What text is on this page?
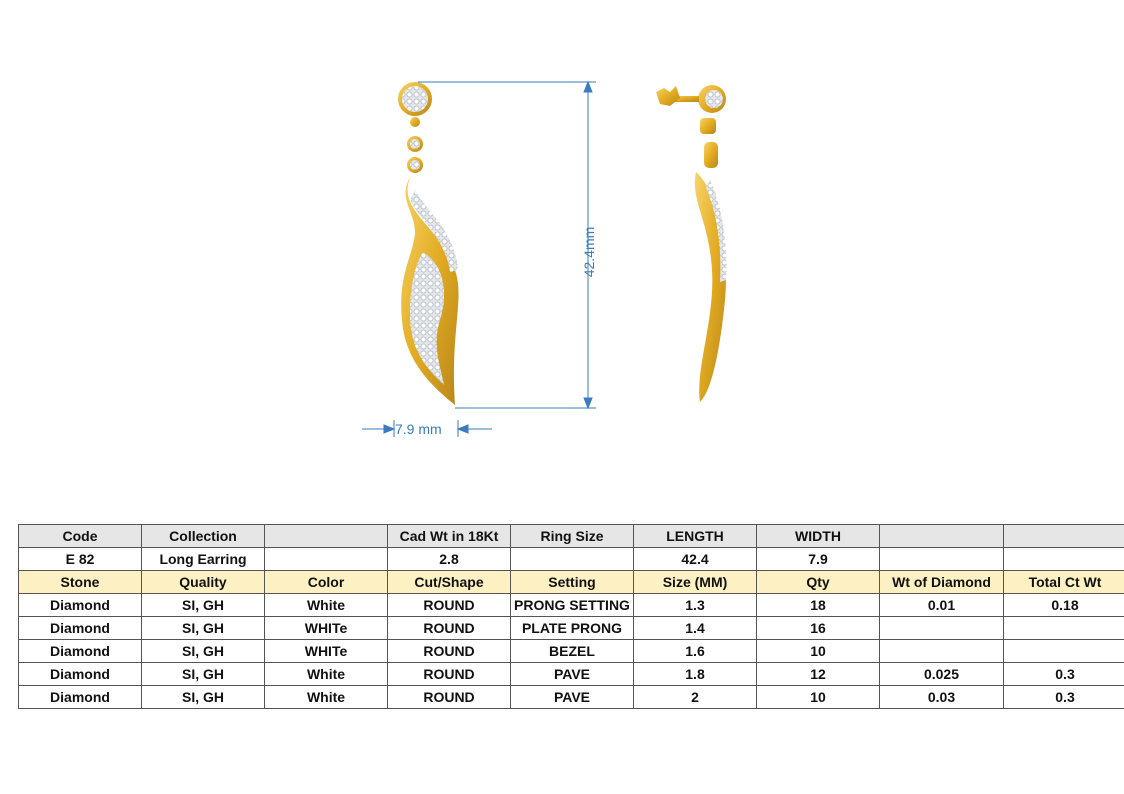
42.4mm
7.9 mm
Code	Collection		Cad Wt in 18Kt	Ring Size	LENGTH	WIDTH		
E 82	Long Earring		2.8		42.4	7.9		
Stone	Quality	Color	Cut/Shape	Setting	Size (MM)	Qty	Wt of Diamond	Total Ct Wt
Diamond	SI, GH	White	ROUND	PRONG SETTING	1.3	18	0.01	0.18
Diamond	SI, GH	WHITe	ROUND	PLATE PRONG	1.4	16		
Diamond	SI, GH	WHITe	ROUND	BEZEL	1.6	10		
Diamond	SI, GH	White	ROUND	PAVE	1.8	12	0.025	0.3
Diamond	SI, GH	White	ROUND	PAVE	2	10	0.03	0.3
